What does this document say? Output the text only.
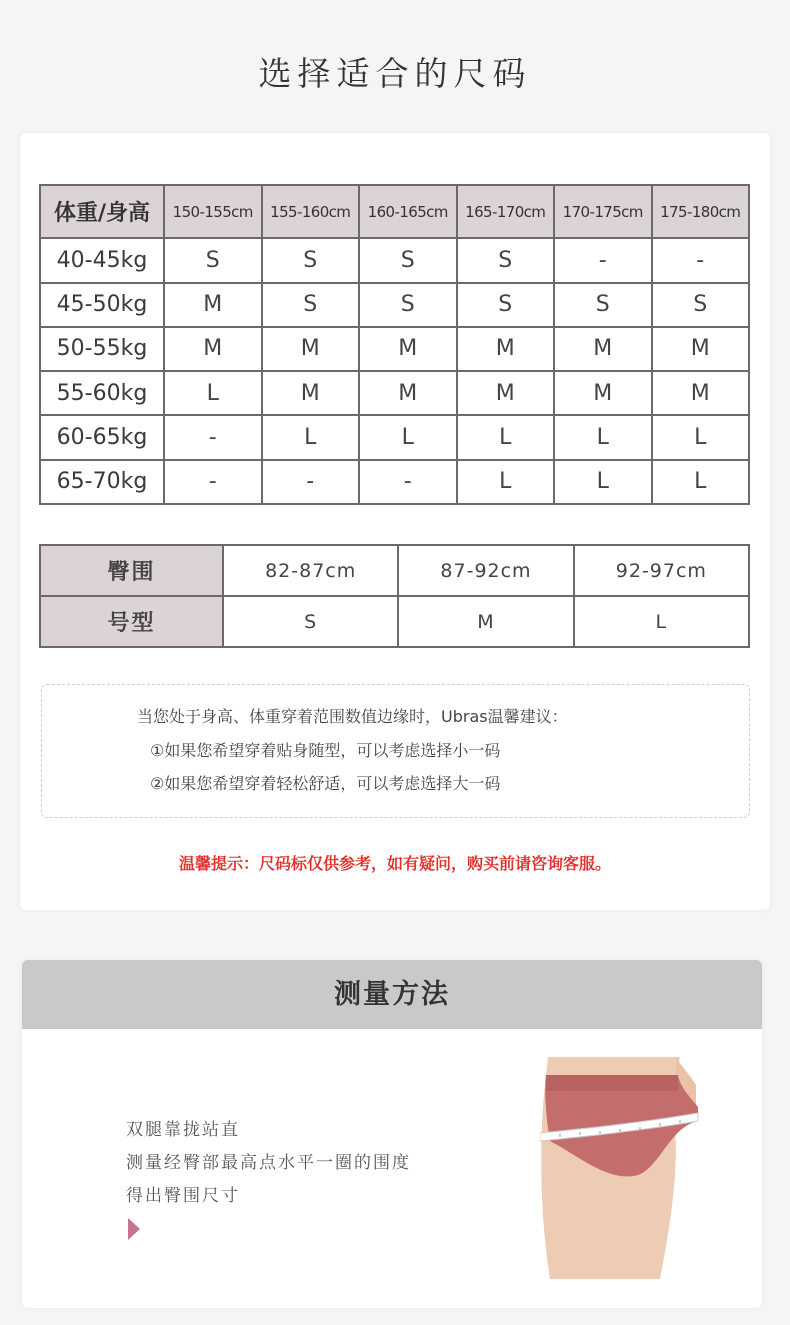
选择适合的尺码
体重/身高	150-155cm	155-160cm	160-165cm	165-170cm	170-175cm	175-180cm
40-45kg	S	S	S	S	-	-
45-50kg	M	S	S	S	S	S
50-55kg	M	M	M	M	M	M
55-60kg	L	M	M	M	M	M
60-65kg	-	L	L	L	L	L
65-70kg	-	-	-	L	L	L
臀围	82-87cm	87-92cm	92-97cm
号型	S	M	L
当您处于身高、体重穿着范围数值边缘时，Ubras温馨建议：
①如果您希望穿着贴身随型，可以考虑选择小一码
②如果您希望穿着轻松舒适，可以考虑选择大一码
温馨提示：尺码标仅供参考，如有疑问，购买前请咨询客服。
测量方法
双腿靠拢站直
测量经臀部最高点水平一圈的围度
得出臀围尺寸
